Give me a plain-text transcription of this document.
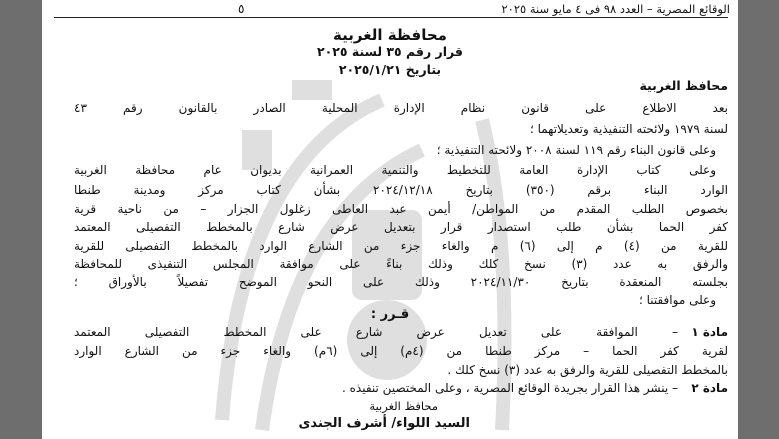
الوقائع المصرية – العدد ٩٨ فى ٤ مايو سنة ٢٠٢٥
٥
محافظة الغربية
قرار رقم ٣٥ لسنة ٢٠٢٥
بتاريخ ٢٠٢٥/١/٢١
محافظ الغربية
بعد الاطلاع على قانون نظام الإدارة المحلية الصادر بالقانون رقم ٤٣
لسنة ١٩٧٩ ولائحته التنفيذية وتعديلاتهما ؛
وعلى قانون البناء رقم ١١٩ لسنة ٢٠٠٨ ولائحته التنفيذية ؛
وعلى كتاب الإدارة العامة للتخطيط والتنمية العمرانية بديوان عام محافظة الغربية
الوارد البناء برقم (٣٥٠) بتاريخ ٢٠٢٤/١٢/١٨ بشأن كتاب مركز ومدينة طنطا
بخصوص الطلب المقدم من المواطن/ أيمن عبد العاطى زغلول الجزار – من ناحية قرية
كفر الحما بشأن طلب استصدار قرار بتعديل عرض شارع بالمخطط التفصيلى المعتمد
للقرية من (٤) م إلى (٦) م والغاء جزء من الشارع الوارد بالمخطط التفصيلى للقرية
والرفق به عدد (٣) نسخ كلك وذلك بناءً على موافقة المجلس التنفيذى للمحافظة
بجلسته المنعقدة بتاريخ ٢٠٢٤/١١/٣٠ وذلك على النحو الموضح تفصيلاً بالأوراق ؛
وعلى موافقتنا ؛
قـرر :
مادة ١
– الموافقة على تعديل عرض شارع على المخطط التفصيلى المعتمد
لقرية كفر الحما – مركز طنطا من (٤م) إلى (٦م) والغاء جزء من الشارع الوارد
بالمخطط التفصيلى للقرية والرفق به عدد (٣) نسخ كلك .
مادة ٢
– ينشر هذا القرار بجريدة الوقائع المصرية ، وعلى المختصين تنفيذه .
محافظ الغربية
السيد اللواء/ أشرف الجندى
